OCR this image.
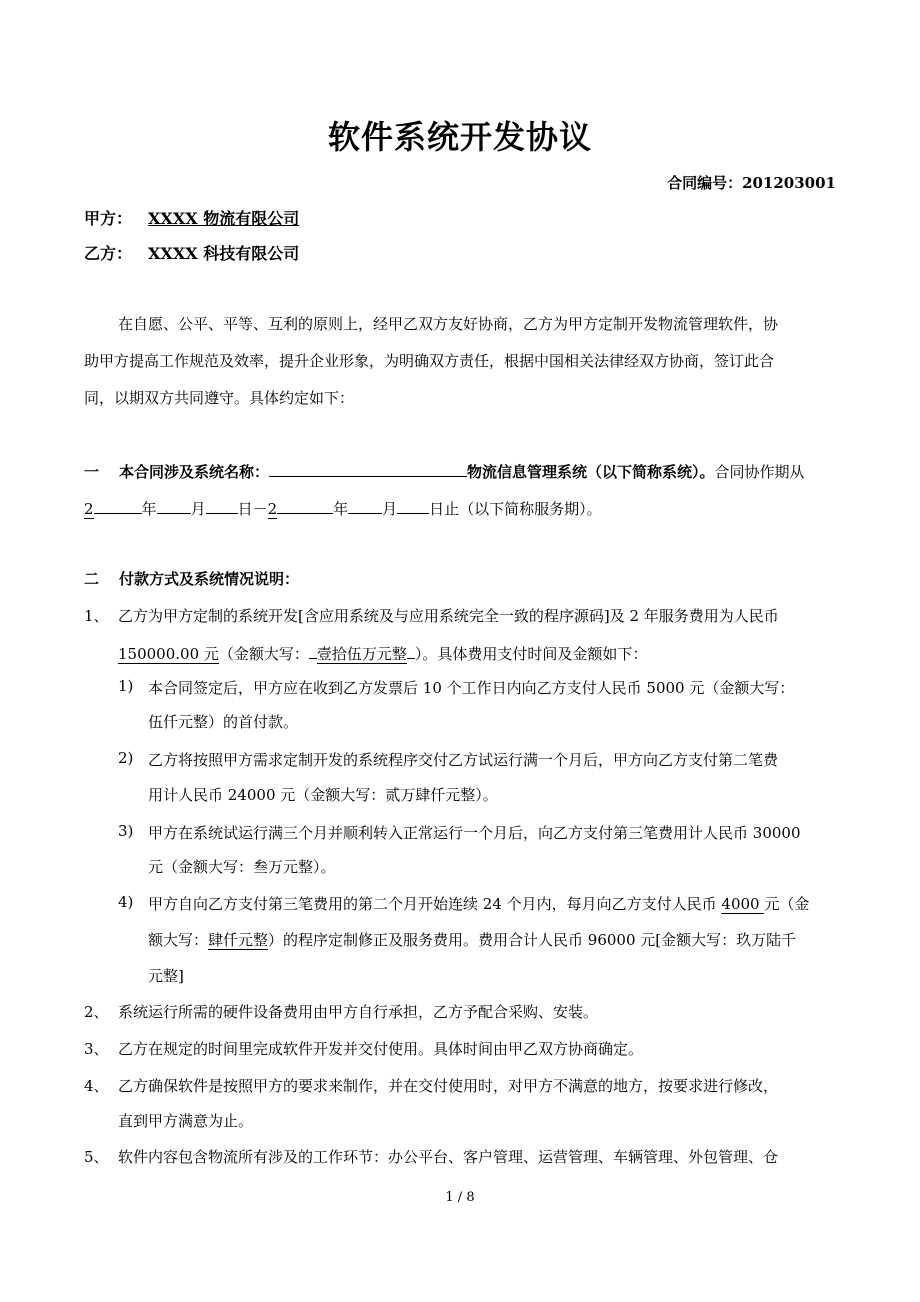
软件系统开发协议
合同编号：201203001
甲方： XXXX 物流有限公司
乙方： XXXX 科技有限公司
在自愿、公平、平等、互利的原则上，经甲乙双方友好协商，乙方为甲方定制开发物流管理软件，协
助甲方提高工作规范及效率，提升企业形象，为明确双方责任，根据中国相关法律经双方协商，签订此合
同，以期双方共同遵守。具体约定如下：
一 本合同涉及系统名称：	物流信息管理系统（以下简称系统）。合同协作期从
2	年 月 日－2	年 月 日止（以下简称服务期）。
二 付款方式及系统情况说明：
1、 乙方为甲方定制的系统开发[含应用系统及与应用系统完全一致的程序源码]及 2 年服务费用为人民币
150000.00 元（金额大写： 壹拾伍万元整 ）。具体费用支付时间及金额如下：
1) 本合同签定后，甲方应在收到乙方发票后 10 个工作日内向乙方支付人民币 5000 元（金额大写：
伍仟元整）的首付款。
2) 乙方将按照甲方需求定制开发的系统程序交付乙方试运行满一个月后，甲方向乙方支付第二笔费
用计人民币 24000 元（金额大写：贰万肆仟元整）。
3) 甲方在系统试运行满三个月并顺利转入正常运行一个月后，向乙方支付第三笔费用计人民币 30000
元（金额大写：叁万元整）。
4) 甲方自向乙方支付第三笔费用的第二个月开始连续 24 个月内，每月向乙方支付人民币 4000 元（金
额大写：肆仟元整）的程序定制修正及服务费用。费用合计人民币 96000 元[金额大写：玖万陆千
元整]
2、 系统运行所需的硬件设备费用由甲方自行承担，乙方予配合采购、安装。
3、 乙方在规定的时间里完成软件开发并交付使用。具体时间由甲乙双方协商确定。
4、 乙方确保软件是按照甲方的要求来制作，并在交付使用时，对甲方不满意的地方，按要求进行修改，
直到甲方满意为止。
5、 软件内容包含物流所有涉及的工作环节：办公平台、客户管理、运营管理、车辆管理、外包管理、仓
1 / 8
